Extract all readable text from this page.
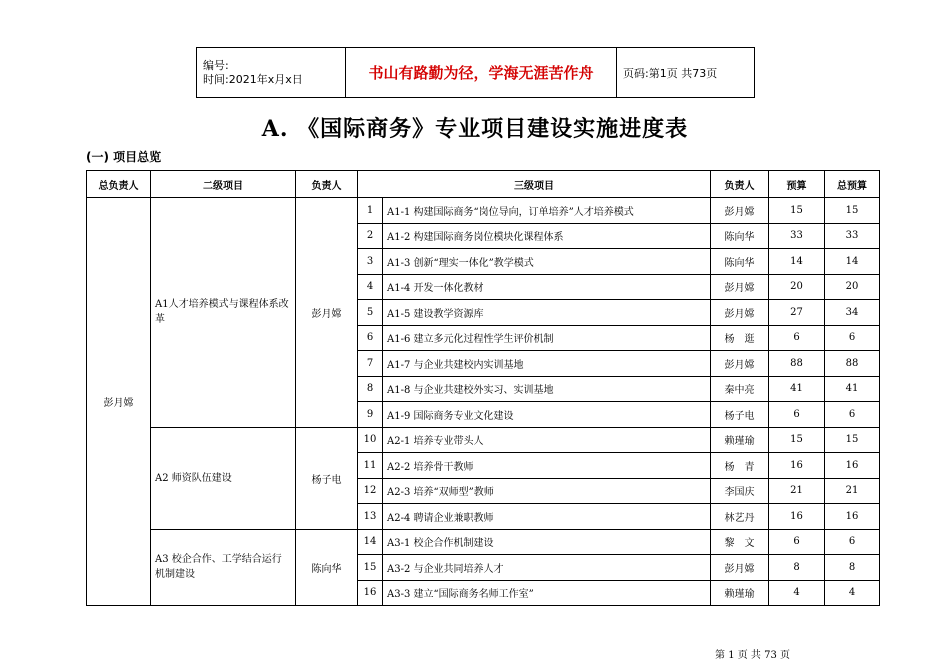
编号:
时间:2021年x月x日	书山有路勤为径，学海无涯苦作舟	页码:第1页 共73页
A. 《国际商务》专业项目建设实施进度表
(一) 项目总览
总负责人	二级项目	负责人	三级项目		负责人	预算	总预算
彭月嫦	A1人才培养模式与课程体系改革	彭月嫦	1	A1-1 构建国际商务“岗位导向，订单培养”人才培养模式	彭月嫦	15	15
			2	A1-2 构建国际商务岗位模块化课程体系	陈向华	33	33
			3	A1-3 创新“理实一体化”教学模式	陈向华	14	14
			4	A1-4 开发一体化教材	彭月嫦	20	20
			5	A1-5 建设教学资源库	彭月嫦	27	34
			6	A1-6 建立多元化过程性学生评价机制	杨　逛	6	6
			7	A1-7 与企业共建校内实训基地	彭月嫦	88	88
			8	A1-8 与企业共建校外实习、实训基地	秦中亮	41	41
			9	A1-9 国际商务专业文化建设	杨子电	6	6
	A2 师资队伍建设	杨子电	10	A2-1 培养专业带头人	赖瑾瑜	15	15
			11	A2-2 培养骨干教师	杨　青	16	16
			12	A2-3 培养“双师型”教师	李国庆	21	21
			13	A2-4 聘请企业兼职教师	林艺丹	16	16
	A3 校企合作、工学结合运行机制建设	陈向华	14	A3-1 校企合作机制建设	黎　文	6	6
			15	A3-2 与企业共同培养人才	彭月嫦	8	8
			16	A3-3 建立“国际商务名师工作室”	赖瑾瑜	4	4
第 1 页 共 73 页
